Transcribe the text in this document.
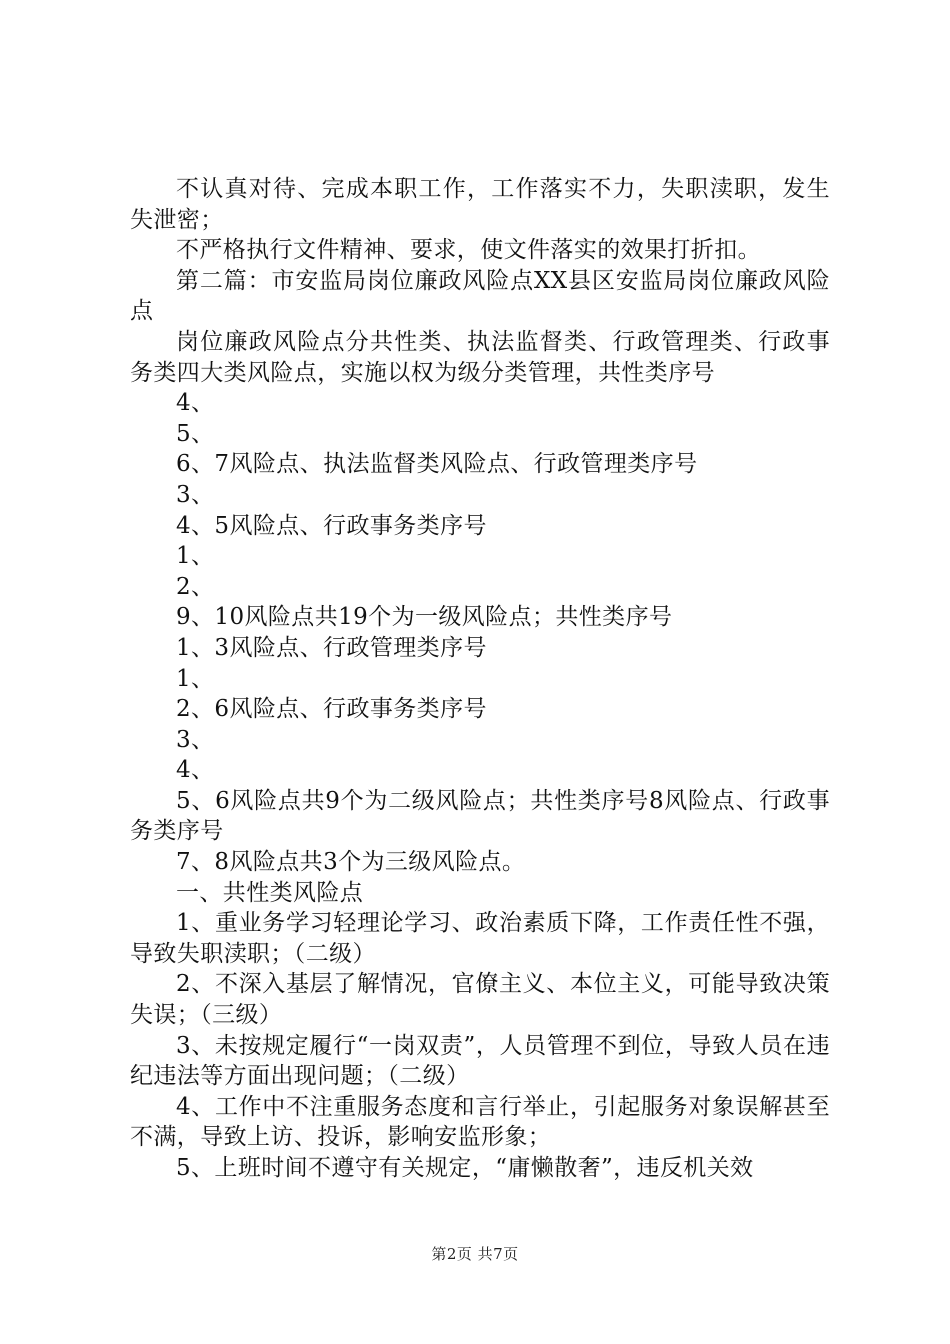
不认真对待、完成本职工作，工作落实不力，失职渎职，发生失泄密；

不严格执行文件精神、要求，使文件落实的效果打折扣。

第二篇：市安监局岗位廉政风险点XX县区安监局岗位廉政风险点

岗位廉政风险点分共性类、执法监督类、行政管理类、行政事务类四大类风险点，实施以权为级分类管理，共性类序号

4、

5、

6、7风险点、执法监督类风险点、行政管理类序号

3、

4、5风险点、行政事务类序号

1、

2、

9、10风险点共19个为一级风险点；共性类序号

1、3风险点、行政管理类序号

1、

2、6风险点、行政事务类序号

3、

4、

5、6风险点共9个为二级风险点；共性类序号8风险点、行政事务类序号

7、8风险点共3个为三级风险点。

一、共性类风险点

1、重业务学习轻理论学习、政治素质下降，工作责任性不强，导致失职渎职；（二级）

2、不深入基层了解情况，官僚主义、本位主义，可能导致决策失误；（三级）

3、未按规定履行“一岗双责”，人员管理不到位，导致人员在违纪违法等方面出现问题；（二级）

4、工作中不注重服务态度和言行举止，引起服务对象误解甚至不满，导致上访、投诉，影响安监形象；

5、上班时间不遵守有关规定，“庸懒散奢”，违反机关效

第2页 共7页
